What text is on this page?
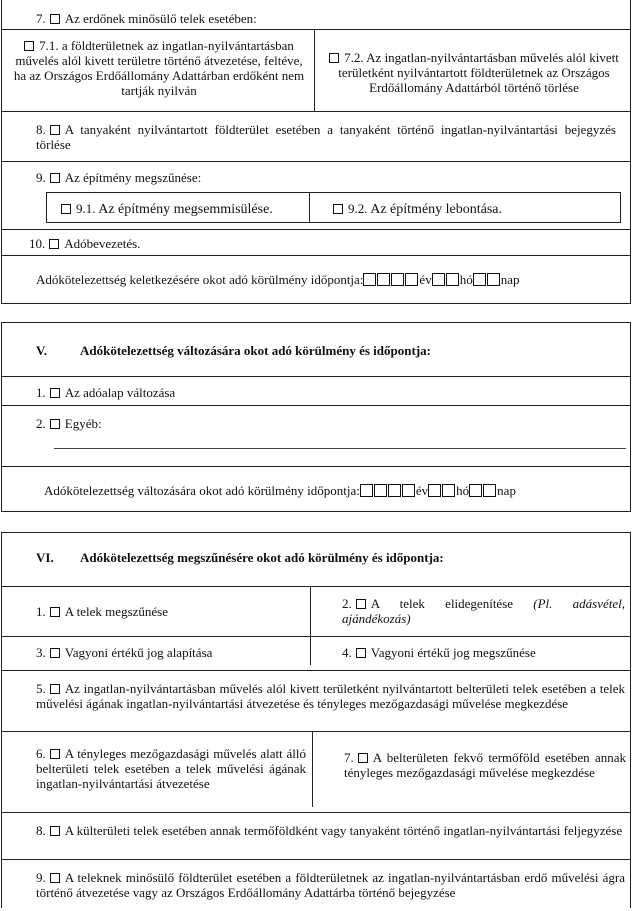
7. Az erdőnek minősülő telek esetében:
7.1. a földterületnek az ingatlan-nyilvántartásban művelés alól kivett területre történő átvezetése, feltéve, ha az Országos Erdőállomány Adattárban erdőként nem tartják nyilván
7.2. Az ingatlan-nyilvántartásban művelés alól kivett területként nyilvántartott földterületnek az Országos Erdőállomány Adattárból történő törlése
8. A tanyaként nyilvántartott földterület esetében a tanyaként történő ingatlan-nyilvántartási bejegyzés törlése
9. Az építmény megszűnése:
9.1. Az építmény megsemmisülése.	9.2. Az építmény lebontása.
10. Adóbevezetés.
Adókötelezettség keletkezésére okot adó körülmény időpontja:	év hó nap
V.	Adókötelezettség változására okot adó körülmény és időpontja:
1. Az adóalap változása
2. Egyéb:
Adókötelezettség változására okot adó körülmény időpontja:	év hó nap
VI. Adókötelezettség megszűnésére okot adó körülmény és időpontja:
1. A telek megszűnése
2. A telek elidegenítése (Pl. adásvétel, ajándékozás)
3. Vagyoni értékű jog alapítása	4. Vagyoni értékű jog megszűnése
5. Az ingatlan-nyilvántartásban művelés alól kivett területként nyilvántartott belterületi telek esetében a telek művelési ágának ingatlan-nyilvántartási átvezetése és tényleges mezőgazdasági művelése megkezdése
6. A tényleges mezőgazdasági művelés alatt álló belterületi telek esetében a telek művelési ágának ingatlan-nyilvántartási átvezetése
7. A belterületen fekvő termőföld esetében annak tényleges mezőgazdasági művelése megkezdése
8. A külterületi telek esetében annak termőföldként vagy tanyaként történő ingatlan-nyilvántartási feljegyzése
9. A teleknek minősülő földterület esetében a földterületnek az ingatlan-nyilvántartásban erdő művelési ágra történő átvezetése vagy az Országos Erdőállomány Adattárba történő bejegyzése
